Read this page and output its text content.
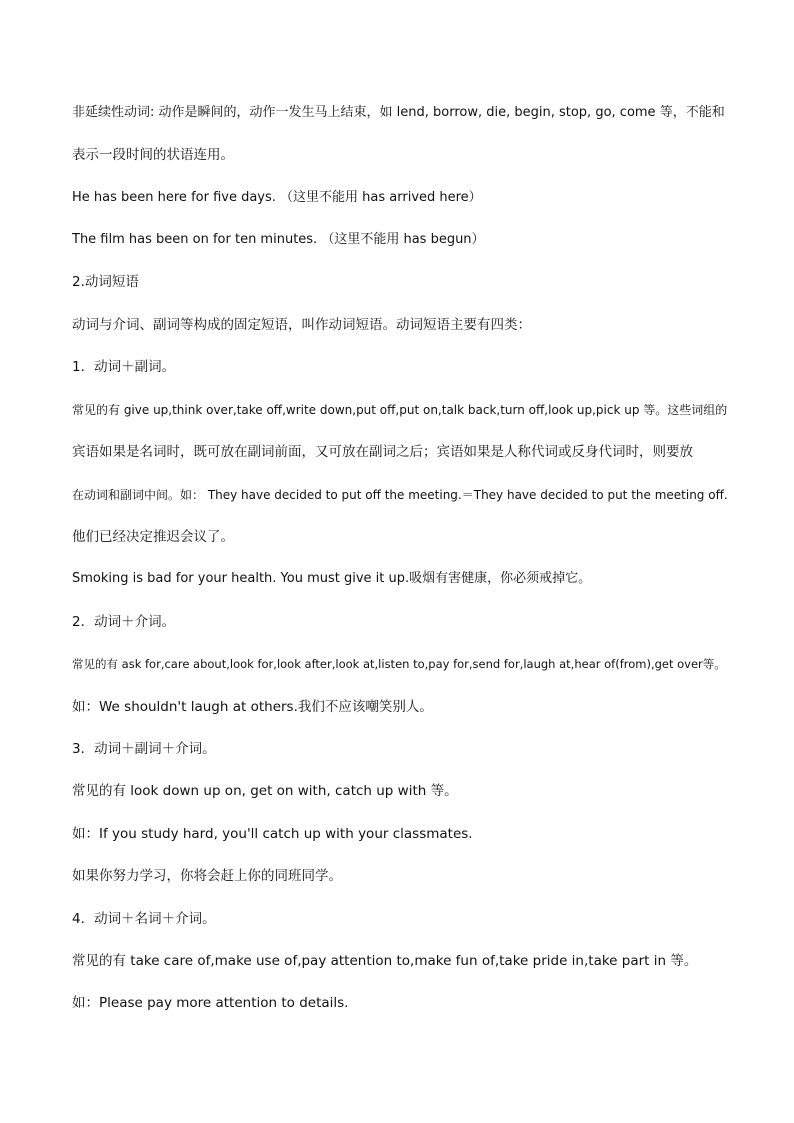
非延续性动词: 动作是瞬间的，动作一发生马上结束，如 lend, borrow, die, begin, stop, go, come 等，不能和
表示一段时间的状语连用。
He has been here for five days. （这里不能用 has arrived here）
The film has been on for ten minutes. （这里不能用 has begun）
2.动词短语
动词与介词、副词等构成的固定短语，叫作动词短语。动词短语主要有四类：
1．动词＋副词。
常见的有 give up,think over,take off,write down,put off,put on,talk back,turn off,look up,pick up 等。这些词组的
宾语如果是名词时，既可放在副词前面，又可放在副词之后；宾语如果是人称代词或反身代词时，则要放
在动词和副词中间。如： They have decided to put off the meeting.＝They have decided to put the meeting off.
他们已经决定推迟会议了。
Smoking is bad for your health. You must give it up.吸烟有害健康，你必须戒掉它。
2．动词＋介词。
常见的有 ask for,care about,look for,look after,look at,listen to,pay for,send for,laugh at,hear of(from),get over等。
如：We shouldn't laugh at others.我们不应该嘲笑别人。
3．动词＋副词＋介词。
常见的有 look down up on, get on with, catch up with 等。
如：If you study hard, you'll catch up with your classmates.
如果你努力学习，你将会赶上你的同班同学。
4．动词＋名词＋介词。
常见的有 take care of,make use of,pay attention to,make fun of,take pride in,take part in 等。
如：Please pay more attention to details.
